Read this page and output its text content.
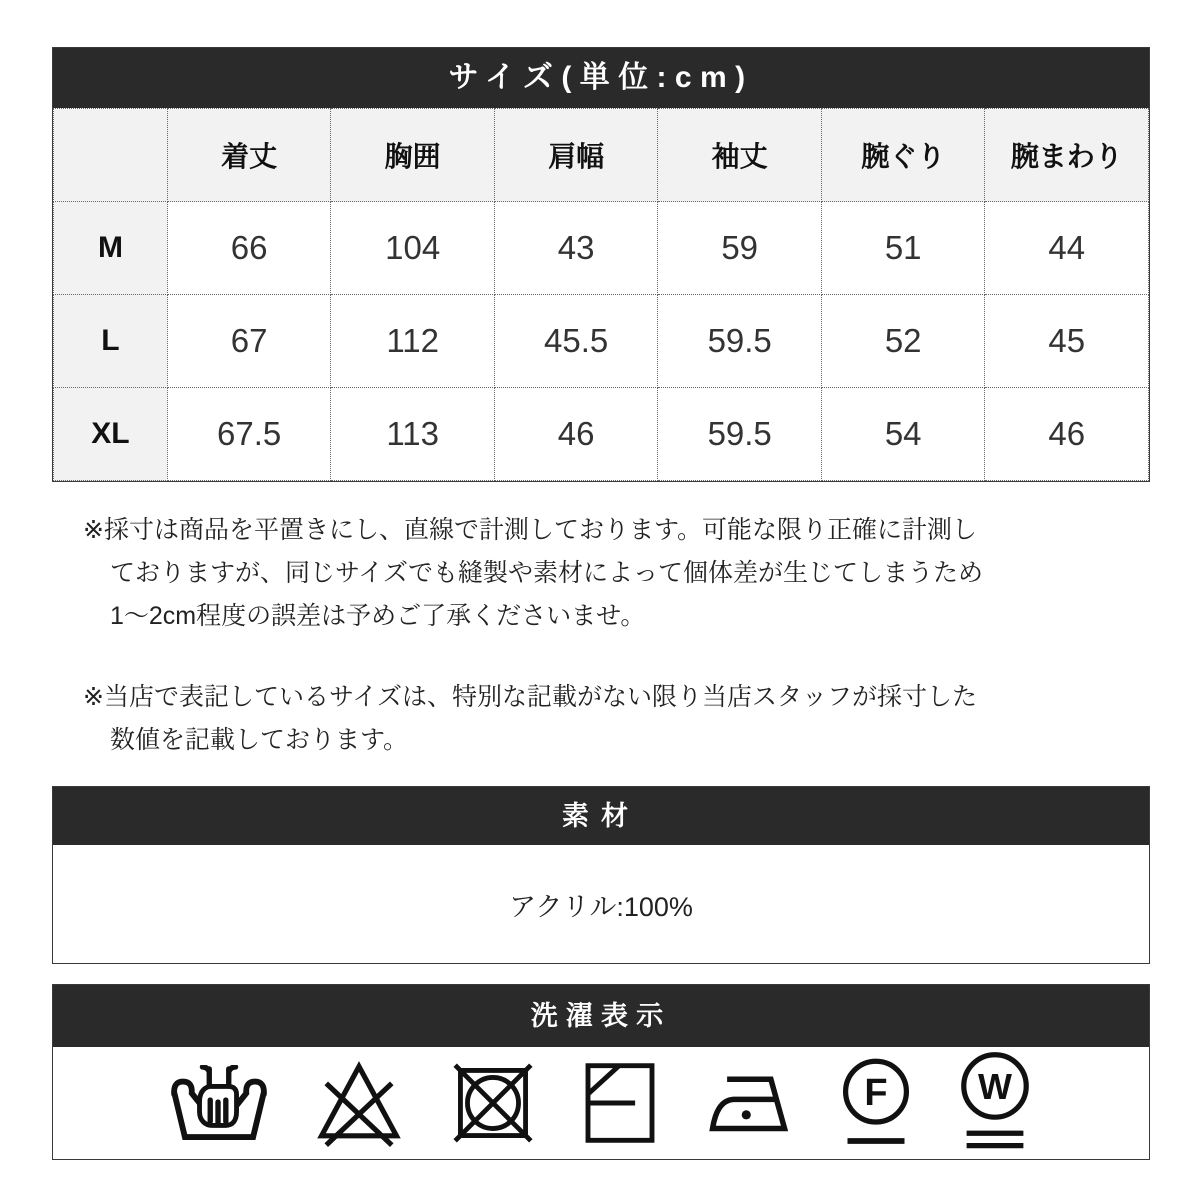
サイズ(単位:cm)
	着丈	胸囲	肩幅	袖丈	腕ぐり	腕まわり
M	66	104	43	59	51	44
L	67	112	45.5	59.5	52	45
XL	67.5	113	46	59.5	54	46
※採寸は商品を平置きにし、直線で計測しております。可能な限り正確に計測し
ておりますが、同じサイズでも縫製や素材によって個体差が生じてしまうため
1〜2cm程度の誤差は予めご了承くださいませ。
※当店で表記しているサイズは、特別な記載がない限り当店スタッフが採寸した
数値を記載しております。
素材
アクリル:100%
洗濯表示
F W
